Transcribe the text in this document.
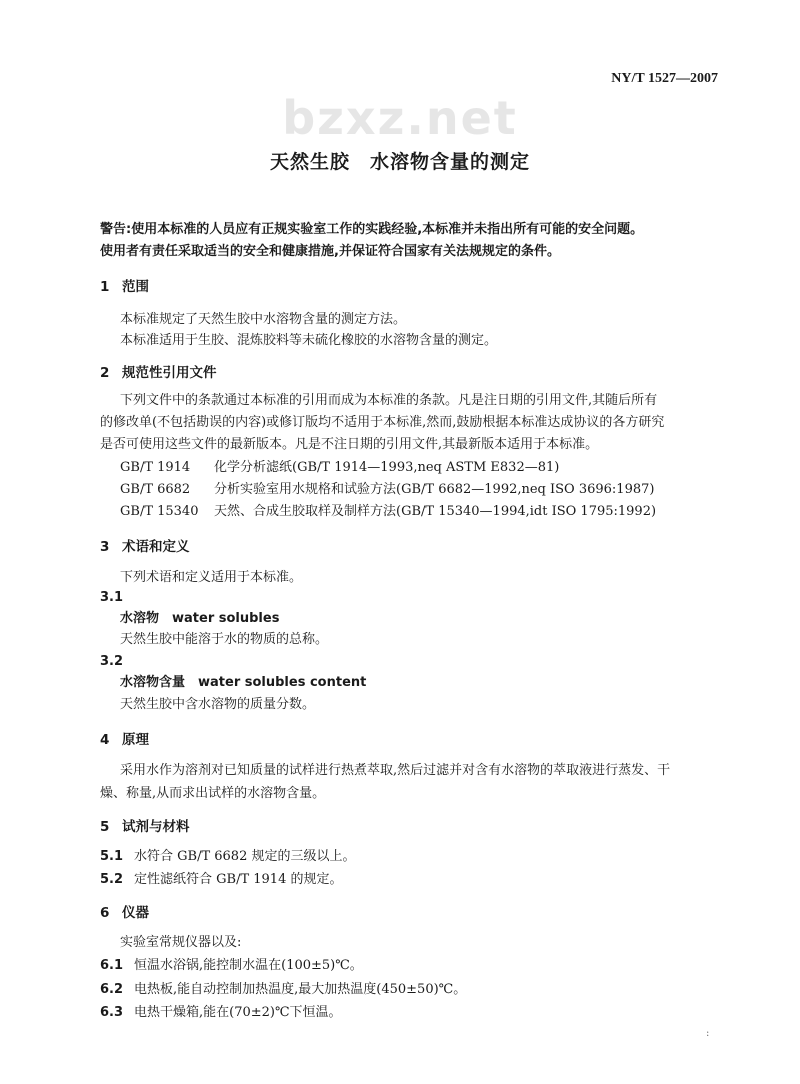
bzxz.net
NY/T 1527—2007
天然生胶　水溶物含量的测定
警告:使用本标准的人员应有正规实验室工作的实践经验,本标准并未指出所有可能的安全问题。
使用者有责任采取适当的安全和健康措施,并保证符合国家有关法规规定的条件。
1 范围
本标准规定了天然生胶中水溶物含量的测定方法。
本标准适用于生胶、混炼胶料等未硫化橡胶的水溶物含量的测定。
2 规范性引用文件
下列文件中的条款通过本标准的引用而成为本标准的条款。凡是注日期的引用文件,其随后所有
的修改单(不包括勘误的内容)或修订版均不适用于本标准,然而,鼓励根据本标准达成协议的各方研究
是否可使用这些文件的最新版本。凡是不注日期的引用文件,其最新版本适用于本标准。
GB/T 1914 化学分析滤纸(GB/T 1914—1993,neq ASTM E832—81)
GB/T 6682 分析实验室用水规格和试验方法(GB/T 6682—1992,neq ISO 3696:1987)
GB/T 15340 天然、合成生胶取样及制样方法(GB/T 15340—1994,idt ISO 1795:1992)
3 术语和定义
下列术语和定义适用于本标准。
3.1
水溶物　water solubles
天然生胶中能溶于水的物质的总称。
3.2
水溶物含量　water solubles content
天然生胶中含水溶物的质量分数。
4 原理
采用水作为溶剂对已知质量的试样进行热煮萃取,然后过滤并对含有水溶物的萃取液进行蒸发、干
燥、称量,从而求出试样的水溶物含量。
5 试剂与材料
5.1 水符合 GB/T 6682 规定的三级以上。
5.2 定性滤纸符合 GB/T 1914 的规定。
6 仪器
实验室常规仪器以及:
6.1 恒温水浴锅,能控制水温在(100±5)℃。
6.2 电热板,能自动控制加热温度,最大加热温度(450±50)℃。
6.3 电热干燥箱,能在(70±2)℃下恒温。
:
